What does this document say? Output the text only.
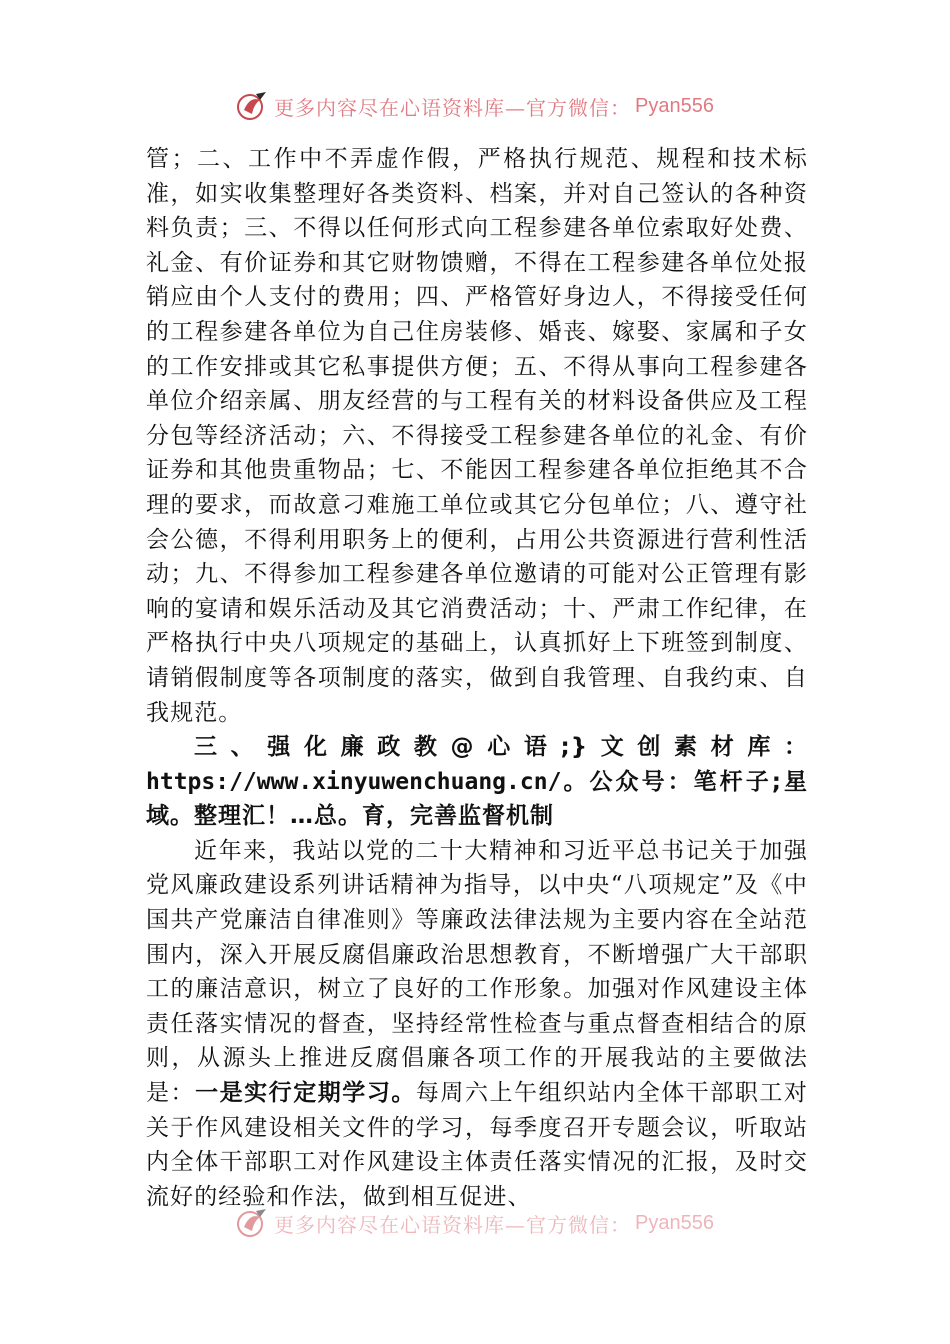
更多内容尽在心语资料库—官方微信： Pyan556

管；二、工作中不弄虚作假，严格执行规范、规程和技术标准，如实收集整理好各类资料、档案，并对自己签认的各种资料负责；三、不得以任何形式向工程参建各单位索取好处费、礼金、有价证券和其它财物馈赠，不得在工程参建各单位处报销应由个人支付的费用；四、严格管好身边人，不得接受任何的工程参建各单位为自己住房装修、婚丧、嫁娶、家属和子女的工作安排或其它私事提供方便；五、不得从事向工程参建各单位介绍亲属、朋友经营的与工程有关的材料设备供应及工程分包等经济活动；六、不得接受工程参建各单位的礼金、有价证券和其他贵重物品；七、不能因工程参建各单位拒绝其不合理的要求，而故意刁难施工单位或其它分包单位；八、遵守社会公德，不得利用职务上的便利，占用公共资源进行营利性活动；九、不得参加工程参建各单位邀请的可能对公正管理有影响的宴请和娱乐活动及其它消费活动；十、严肃工作纪律，在严格执行中央八项规定的基础上，认真抓好上下班签到制度、请销假制度等各项制度的落实，做到自我管理、自我约束、自我规范。

三、强化廉政教@心语;}文创素材库：https://www.xinyuwenchuang.cn/。公众号：笔杆子;星域。整理汇！…总。育，完善监督机制

近年来，我站以党的二十大精神和习近平总书记关于加强党风廉政建设系列讲话精神为指导，以中央“八项规定”及《中国共产党廉洁自律准则》等廉政法律法规为主要内容在全站范围内，深入开展反腐倡廉政治思想教育，不断增强广大干部职工的廉洁意识，树立了良好的工作形象。加强对作风建设主体责任落实情况的督查，坚持经常性检查与重点督查相结合的原则，从源头上推进反腐倡廉各项工作的开展我站的主要做法是：一是实行定期学习。每周六上午组织站内全体干部职工对关于作风建设相关文件的学习，每季度召开专题会议，听取站内全体干部职工对作风建设主体责任落实情况的汇报，及时交流好的经验和作法，做到相互促进、

更多内容尽在心语资料库—官方微信： Pyan556
